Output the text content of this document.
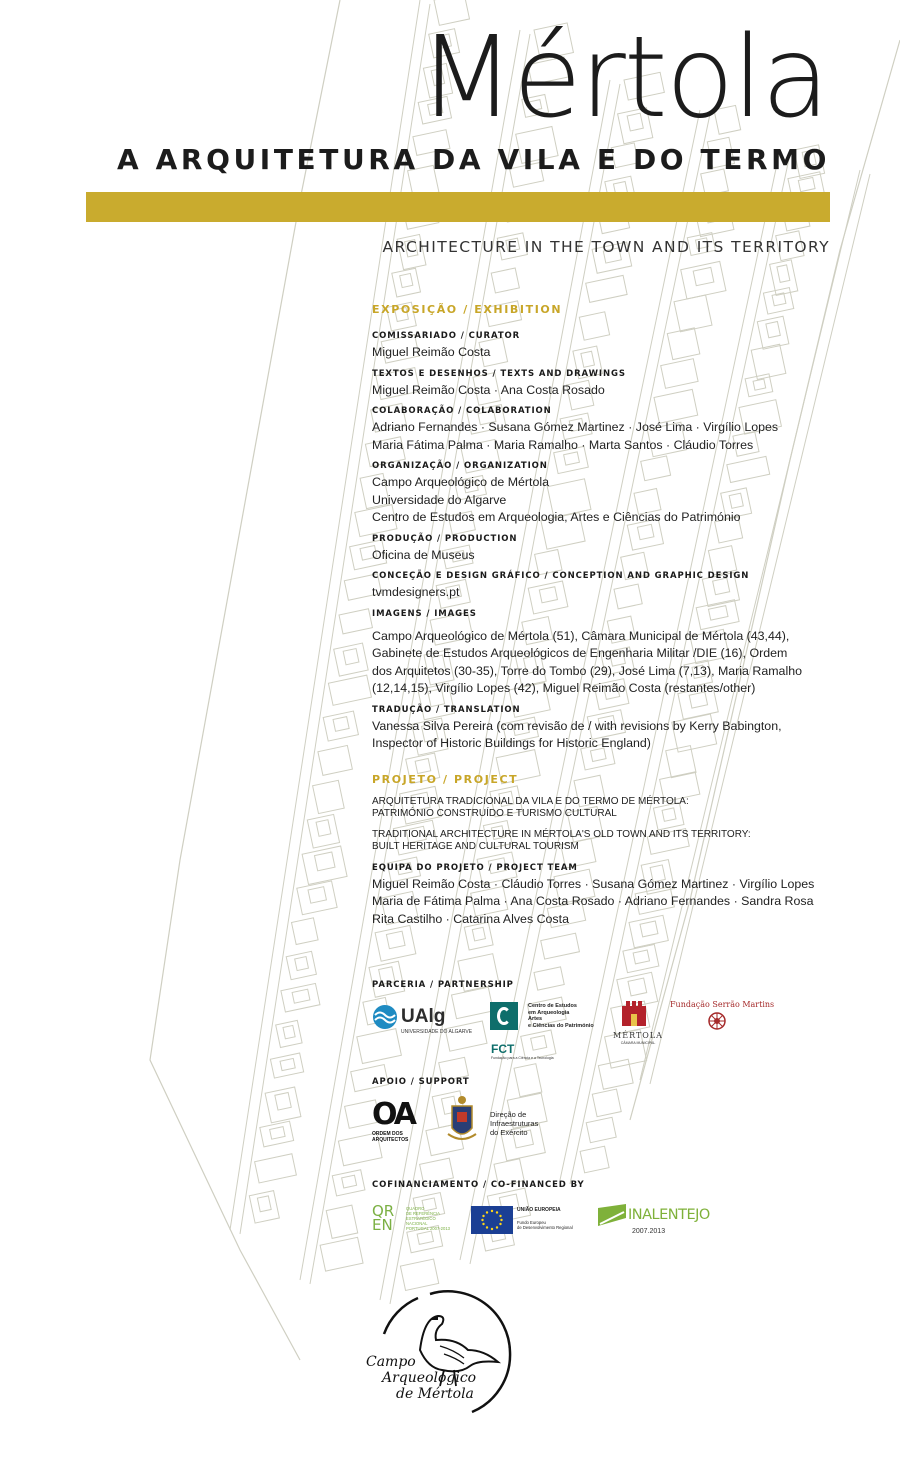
Mértola
A ARQUITETURA DA VILA E DO TERMO
ARCHITECTURE IN THE TOWN AND ITS TERRITORY
EXPOSIÇÃO / EXHIBITION
COMISSARIADO / CURATOR
Miguel Reimão Costa
TEXTOS E DESENHOS / TEXTS AND DRAWINGS
Miguel Reimão Costa · Ana Costa Rosado
COLABORAÇÃO / COLABORATION
Adriano Fernandes · Susana Gómez Martinez · José Lima · Virgílio Lopes
Maria Fátima Palma · Maria Ramalho · Marta Santos · Cláudio Torres
ORGANIZAÇÃO / ORGANIZATION
Campo Arqueológico de Mértola
Universidade do Algarve
Centro de Estudos em Arqueologia, Artes e Ciências do Património
PRODUÇÃO / PRODUCTION
Oficina de Museus
CONCEÇÃO E DESIGN GRÁFICO / CONCEPTION AND GRAPHIC DESIGN
tvmdesigners.pt
IMAGENS / IMAGES
Campo Arqueológico de Mértola (51), Câmara Municipal de Mértola (43,44),
Gabinete de Estudos Arqueológicos de Engenharia Militar /DIE (16), Ordem
dos Arquitetos (30-35), Torre do Tombo (29), José Lima (7,13), Maria Ramalho
(12,14,15), Virgílio Lopes (42), Miguel Reimão Costa (restantes/other)
TRADUÇÃO / TRANSLATION
Vanessa Silva Pereira (com revisão de / with revisions by Kerry Babington,
Inspector of Historic Buildings for Historic England)
PROJETO / PROJECT
ARQUITETURA TRADICIONAL DA VILA E DO TERMO DE MÉRTOLA:
PATRIMÓNIO CONSTRUÍDO E TURISMO CULTURAL
TRADITIONAL ARCHITECTURE IN MÉRTOLA'S OLD TOWN AND ITS TERRITORY:
BUILT HERITAGE AND CULTURAL TOURISM
EQUIPA DO PROJETO / PROJECT TEAM
Miguel Reimão Costa · Cláudio Torres · Susana Gómez Martinez · Virgílio Lopes
Maria de Fátima Palma · Ana Costa Rosado · Adriano Fernandes · Sandra Rosa
Rita Castilho · Catarina Alves Costa
PARCERIA / PARTNERSHIP
UAlg
UNIVERSIDADE DO ALGARVE
Centro de Estudos
em Arqueologia
Artes
e Ciências do Património
FCT
Fundação para a Ciência e a Tecnologia
MÉRTOLA
CÂMARA MUNICIPAL
Fundação Serrão Martins
APOIO / SUPPORT
OA
ORDEM DOS
ARQUITECTOS
Direção de
Infraestruturas
do Exército
COFINANCIAMENTO / CO-FINANCED BY
QREN
QUADRO
DE REFERÊNCIA
ESTRATÉGICO
NACIONAL
PORTUGAL 2007-2013
UNIÃO EUROPEIA
Fundo Europeu
de Desenvolvimento Regional
INALENTEJO
2007.2013
Campo
Arqueológico
de Mértola
